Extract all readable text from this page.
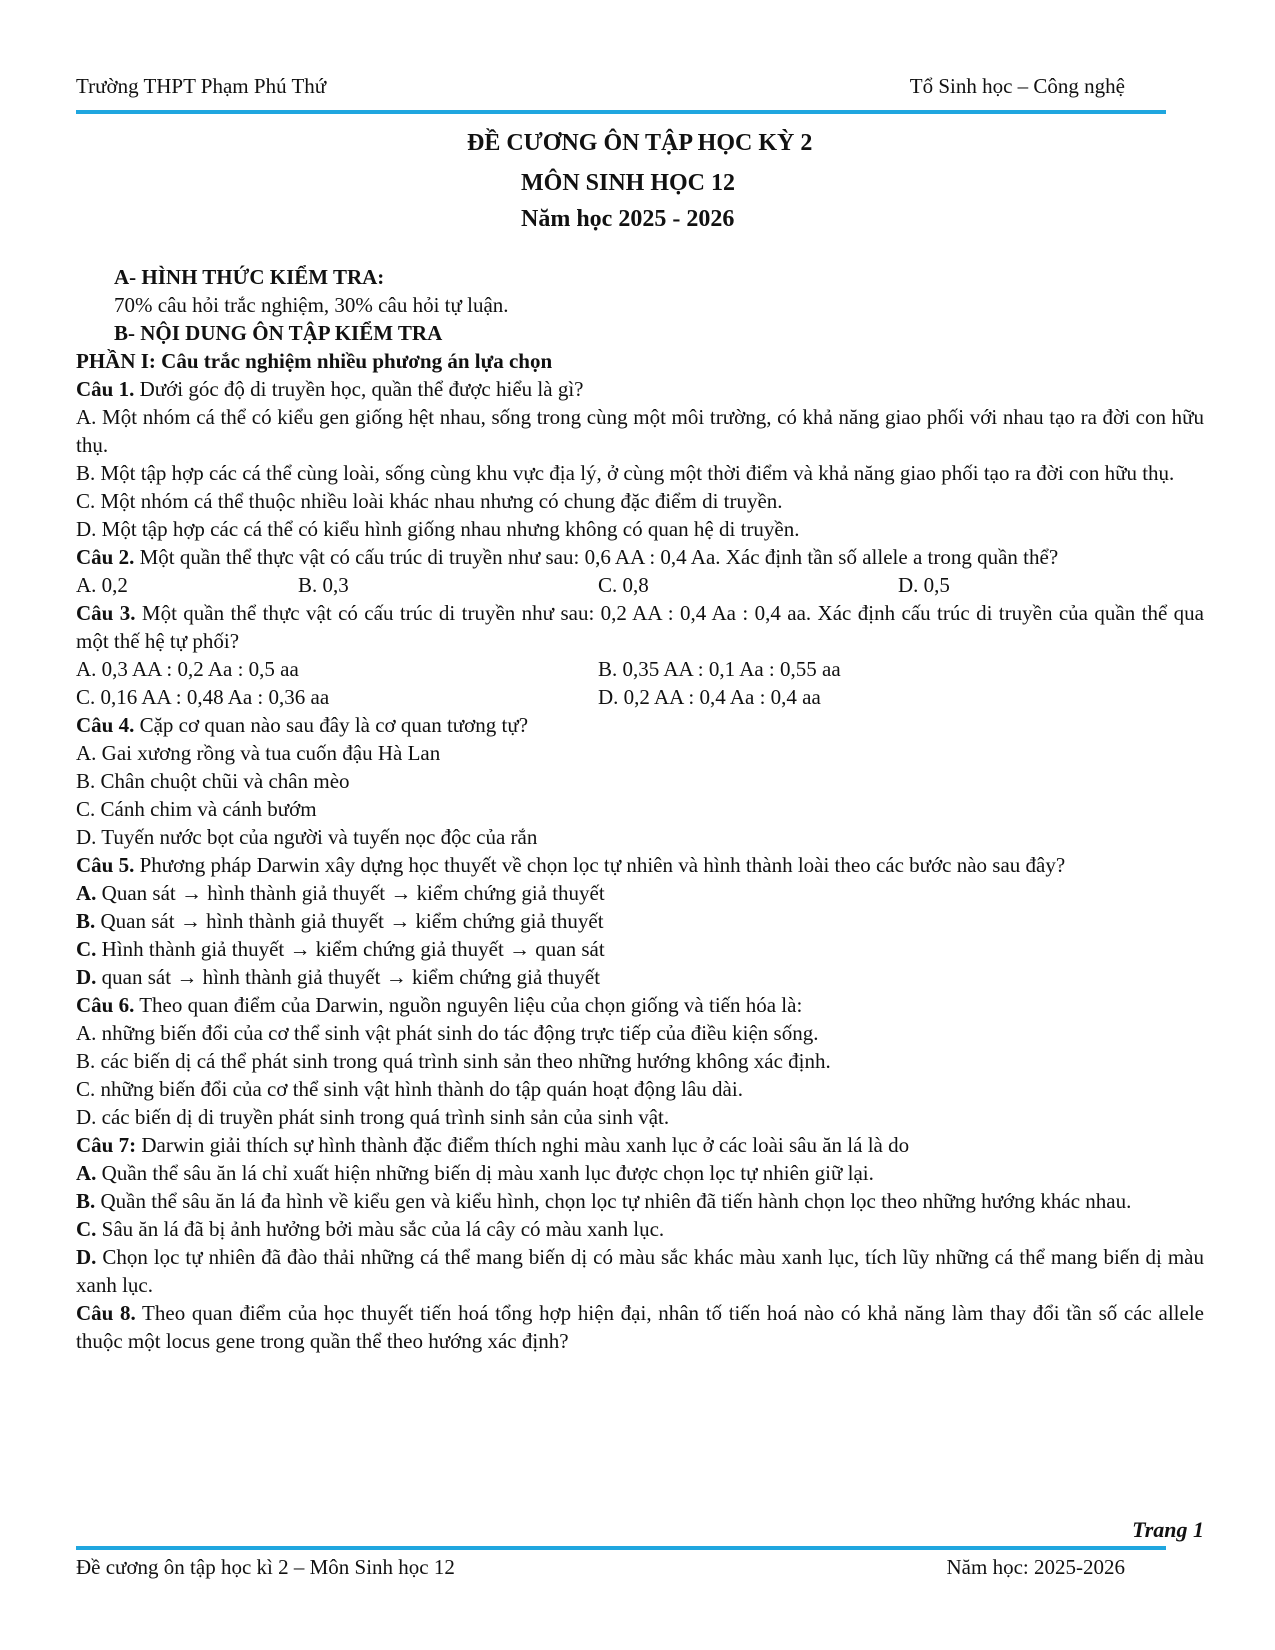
Trường THPT Phạm Phú Thứ	Tổ Sinh học – Công nghệ
ĐỀ CƯƠNG ÔN TẬP HỌC KỲ 2
MÔN SINH HỌC 12
Năm học 2025 - 2026

A- HÌNH THỨC KIỂM TRA:

70% câu hỏi trắc nghiệm, 30% câu hỏi tự luận.

B- NỘI DUNG ÔN TẬP KIỂM TRA

PHẦN I: Câu trắc nghiệm nhiều phương án lựa chọn

Câu 1. Dưới góc độ di truyền học, quần thể được hiểu là gì?

A. Một nhóm cá thể có kiểu gen giống hệt nhau, sống trong cùng một môi trường, có khả năng giao phối với nhau tạo ra đời con hữu thụ.

B. Một tập hợp các cá thể cùng loài, sống cùng khu vực địa lý, ở cùng một thời điểm và khả năng giao phối tạo ra đời con hữu thụ.

C. Một nhóm cá thể thuộc nhiều loài khác nhau nhưng có chung đặc điểm di truyền.

D. Một tập hợp các cá thể có kiểu hình giống nhau nhưng không có quan hệ di truyền.

Câu 2. Một quần thể thực vật có cấu trúc di truyền như sau: 0,6 AA : 0,4 Aa. Xác định tần số allele a trong quần thể?

A. 0,2	B. 0,3	C. 0,8	D. 0,5

Câu 3. Một quần thể thực vật có cấu trúc di truyền như sau: 0,2 AA : 0,4 Aa : 0,4 aa. Xác định cấu trúc di truyền của quần thể qua một thế hệ tự phối?

A. 0,3 AA : 0,2 Aa : 0,5 aa	B. 0,35 AA : 0,1 Aa : 0,55 aa
C. 0,16 AA : 0,48 Aa : 0,36 aa	D. 0,2 AA : 0,4 Aa : 0,4 aa

Câu 4. Cặp cơ quan nào sau đây là cơ quan tương tự?

A. Gai xương rồng và tua cuốn đậu Hà Lan

B. Chân chuột chũi và chân mèo

C. Cánh chim và cánh bướm

D. Tuyến nước bọt của người và tuyến nọc độc của rắn

Câu 5. Phương pháp Darwin xây dựng học thuyết về chọn lọc tự nhiên và hình thành loài theo các bước nào sau đây?

A. Quan sát → hình thành giả thuyết → kiểm chứng giả thuyết

B. Quan sát → hình thành giả thuyết → kiểm chứng giả thuyết

C. Hình thành giả thuyết → kiểm chứng giả thuyết → quan sát

D. quan sát → hình thành giả thuyết → kiểm chứng giả thuyết

Câu 6. Theo quan điểm của Darwin, nguồn nguyên liệu của chọn giống và tiến hóa là:

A. những biến đổi của cơ thể sinh vật phát sinh do tác động trực tiếp của điều kiện sống.

B. các biến dị cá thể phát sinh trong quá trình sinh sản theo những hướng không xác định.

C. những biến đổi của cơ thể sinh vật hình thành do tập quán hoạt động lâu dài.

D. các biến dị di truyền phát sinh trong quá trình sinh sản của sinh vật.

Câu 7: Darwin giải thích sự hình thành đặc điểm thích nghi màu xanh lục ở các loài sâu ăn lá là do

A. Quần thể sâu ăn lá chỉ xuất hiện những biến dị màu xanh lục được chọn lọc tự nhiên giữ lại.

B. Quần thể sâu ăn lá đa hình về kiểu gen và kiểu hình, chọn lọc tự nhiên đã tiến hành chọn lọc theo những hướng khác nhau.

C. Sâu ăn lá đã bị ảnh hưởng bởi màu sắc của lá cây có màu xanh lục.

D. Chọn lọc tự nhiên đã đào thải những cá thể mang biến dị có màu sắc khác màu xanh lục, tích lũy những cá thể mang biến dị màu xanh lục.

Câu 8. Theo quan điểm của học thuyết tiến hoá tổng hợp hiện đại, nhân tố tiến hoá nào có khả năng làm thay đổi tần số các allele thuộc một locus gene trong quần thể theo hướng xác định?

Trang 1
Đề cương ôn tập học kì 2 – Môn Sinh học 12	Năm học: 2025-2026
